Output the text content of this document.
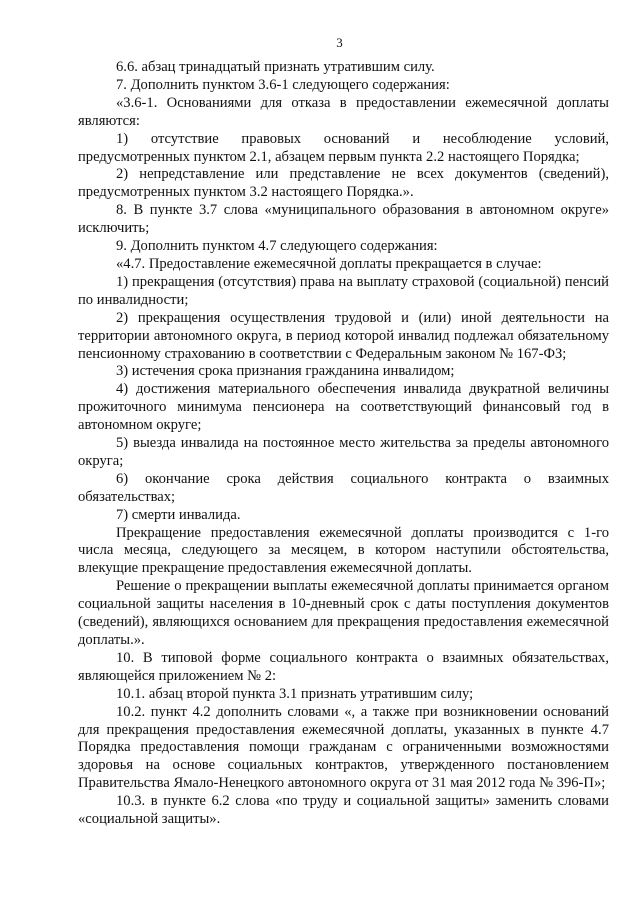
3

6.6. абзац тринадцатый признать утратившим силу.

7. Дополнить пунктом 3.6-1 следующего содержания:

«3.6-1. Основаниями для отказа в предоставлении ежемесячной доплаты являются:

1) отсутствие правовых оснований и несоблюдение условий, предусмотренных пунктом 2.1, абзацем первым пункта 2.2 настоящего Порядка;

2) непредставление или представление не всех документов (сведений), предусмотренных пунктом 3.2 настоящего Порядка.».

8. В пункте 3.7 слова «муниципального образования в автономном округе» исключить;

9. Дополнить пунктом 4.7 следующего содержания:

«4.7. Предоставление ежемесячной доплаты прекращается в случае:

1) прекращения (отсутствия) права на выплату страховой (социальной) пенсий по инвалидности;

2) прекращения осуществления трудовой и (или) иной деятельности на территории автономного округа, в период которой инвалид подлежал обязательному пенсионному страхованию в соответствии с Федеральным законом № 167-ФЗ;

3) истечения срока признания гражданина инвалидом;

4) достижения материального обеспечения инвалида двукратной величины прожиточного минимума пенсионера на соответствующий финансовый год в автономном округе;

5) выезда инвалида на постоянное место жительства за пределы автономного округа;

6) окончание срока действия социального контракта о взаимных обязательствах;

7) смерти инвалида.

Прекращение предоставления ежемесячной доплаты производится с 1-го числа месяца, следующего за месяцем, в котором наступили обстоятельства, влекущие прекращение предоставления ежемесячной доплаты.

Решение о прекращении выплаты ежемесячной доплаты принимается органом социальной защиты населения в 10-дневный срок с даты поступления документов (сведений), являющихся основанием для прекращения предоставления ежемесячной доплаты.».

10. В типовой форме социального контракта о взаимных обязательствах, являющейся приложением № 2:

10.1. абзац второй пункта 3.1 признать утратившим силу;

10.2. пункт 4.2 дополнить словами «, а также при возникновении оснований для прекращения предоставления ежемесячной доплаты, указанных в пункте 4.7 Порядка предоставления помощи гражданам с ограниченными возможностями здоровья на основе социальных контрактов, утвержденного постановлением Правительства Ямало-Ненецкого автономного округа от 31 мая 2012 года № 396-П»;

10.3. в пункте 6.2 слова «по труду и социальной защиты» заменить словами «социальной защиты».
